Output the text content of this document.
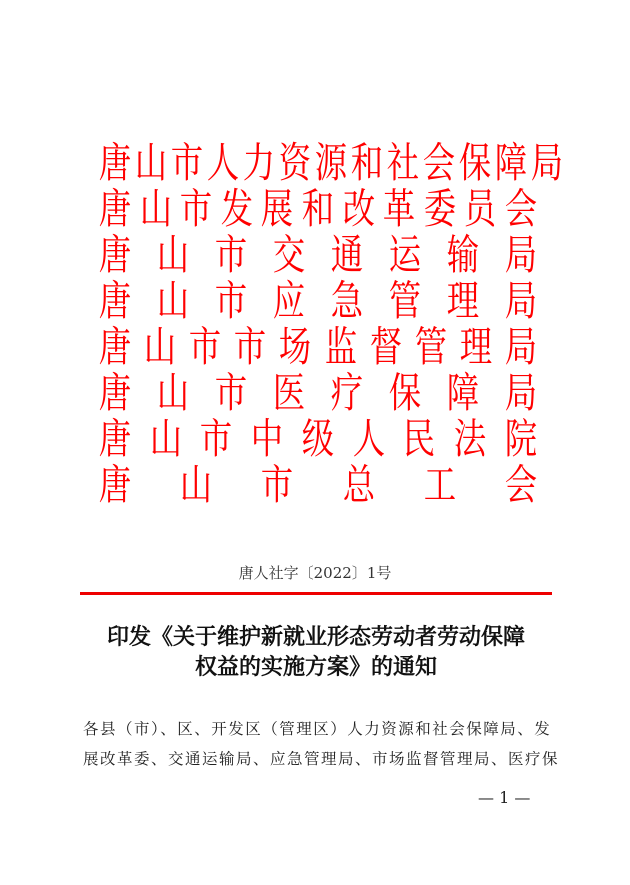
唐 山 市 人 力 资 源 和 社 会 保 障 局
唐 山 市 发 展 和 改 革 委 员 会
唐 山 市 交 通 运 输 局
唐 山 市 应 急 管 理 局
唐 山 市 市 场 监 督 管 理 局
唐 山 市 医 疗 保 障 局
唐 山 市 中 级 人 民 法 院
唐 山 市 总 工 会
唐人社字〔2022〕1号
印发《关于维护新就业形态劳动者劳动保障
权益的实施方案》的通知
各县（市）、区、开发区（管理区）人力资源和社会保障局、发
展改革委、交通运输局、应急管理局、市场监督管理局、医疗保
— 1 —
